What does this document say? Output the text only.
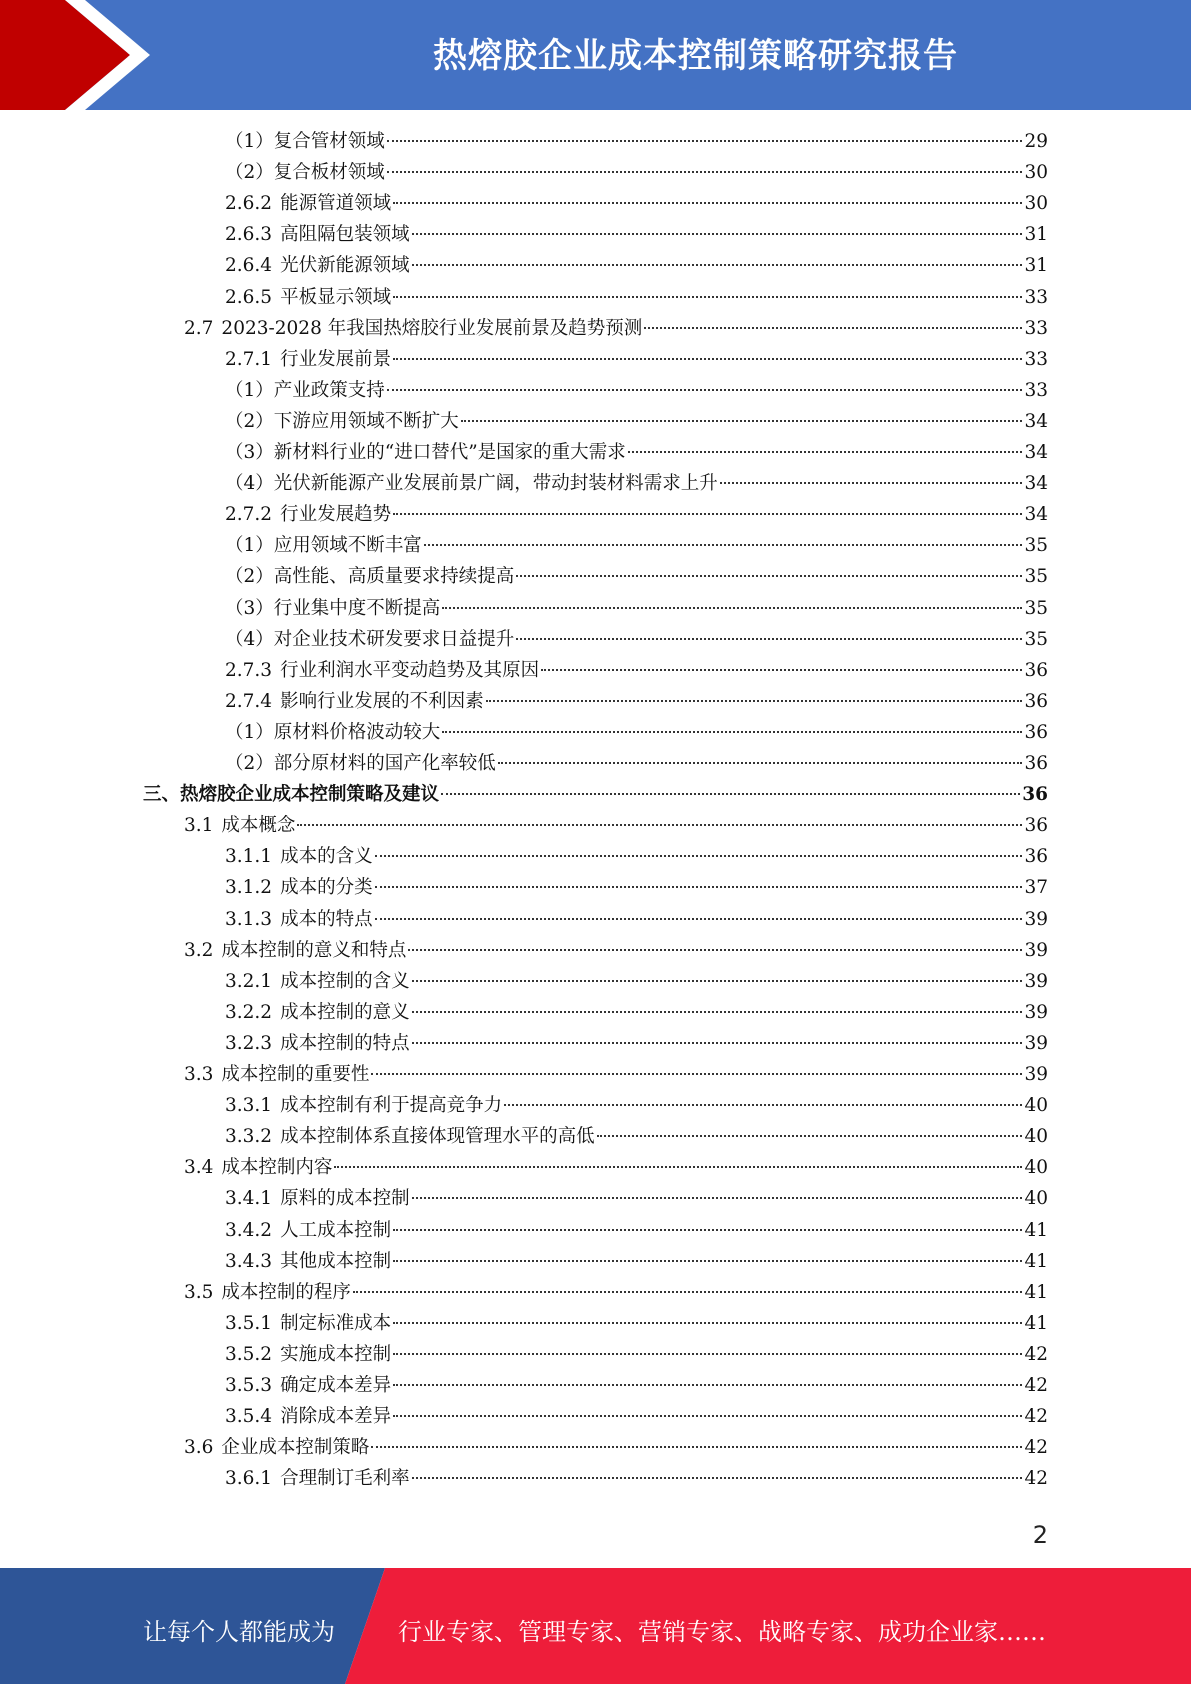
热熔胶企业成本控制策略研究报告
（1）复合管材领域	29
（2）复合板材领域	30
2.6.2 能源管道领域	30
2.6.3 高阻隔包装领域	31
2.6.4 光伏新能源领域	31
2.6.5 平板显示领域	33
2.7 2023-2028 年我国热熔胶行业发展前景及趋势预测	33
2.7.1 行业发展前景	33
（1）产业政策支持	33
（2）下游应用领域不断扩大	34
（3）新材料行业的“进口替代”是国家的重大需求	34
（4）光伏新能源产业发展前景广阔，带动封装材料需求上升	34
2.7.2 行业发展趋势	34
（1）应用领域不断丰富	35
（2）高性能、高质量要求持续提高	35
（3）行业集中度不断提高	35
（4）对企业技术研发要求日益提升	35
2.7.3 行业利润水平变动趋势及其原因	36
2.7.4 影响行业发展的不利因素	36
（1）原材料价格波动较大	36
（2）部分原材料的国产化率较低	36
三、热熔胶企业成本控制策略及建议	36
3.1 成本概念	36
3.1.1 成本的含义	36
3.1.2 成本的分类	37
3.1.3 成本的特点	39
3.2 成本控制的意义和特点	39
3.2.1 成本控制的含义	39
3.2.2 成本控制的意义	39
3.2.3 成本控制的特点	39
3.3 成本控制的重要性	39
3.3.1 成本控制有利于提高竞争力	40
3.3.2 成本控制体系直接体现管理水平的高低	40
3.4 成本控制内容	40
3.4.1 原料的成本控制	40
3.4.2 人工成本控制	41
3.4.3 其他成本控制	41
3.5 成本控制的程序	41
3.5.1 制定标准成本	41
3.5.2 实施成本控制	42
3.5.3 确定成本差异	42
3.5.4 消除成本差异	42
3.6 企业成本控制策略	42
3.6.1 合理制订毛利率	42
2
让每个人都能成为	行业专家、管理专家、营销专家、战略专家、成功企业家……
